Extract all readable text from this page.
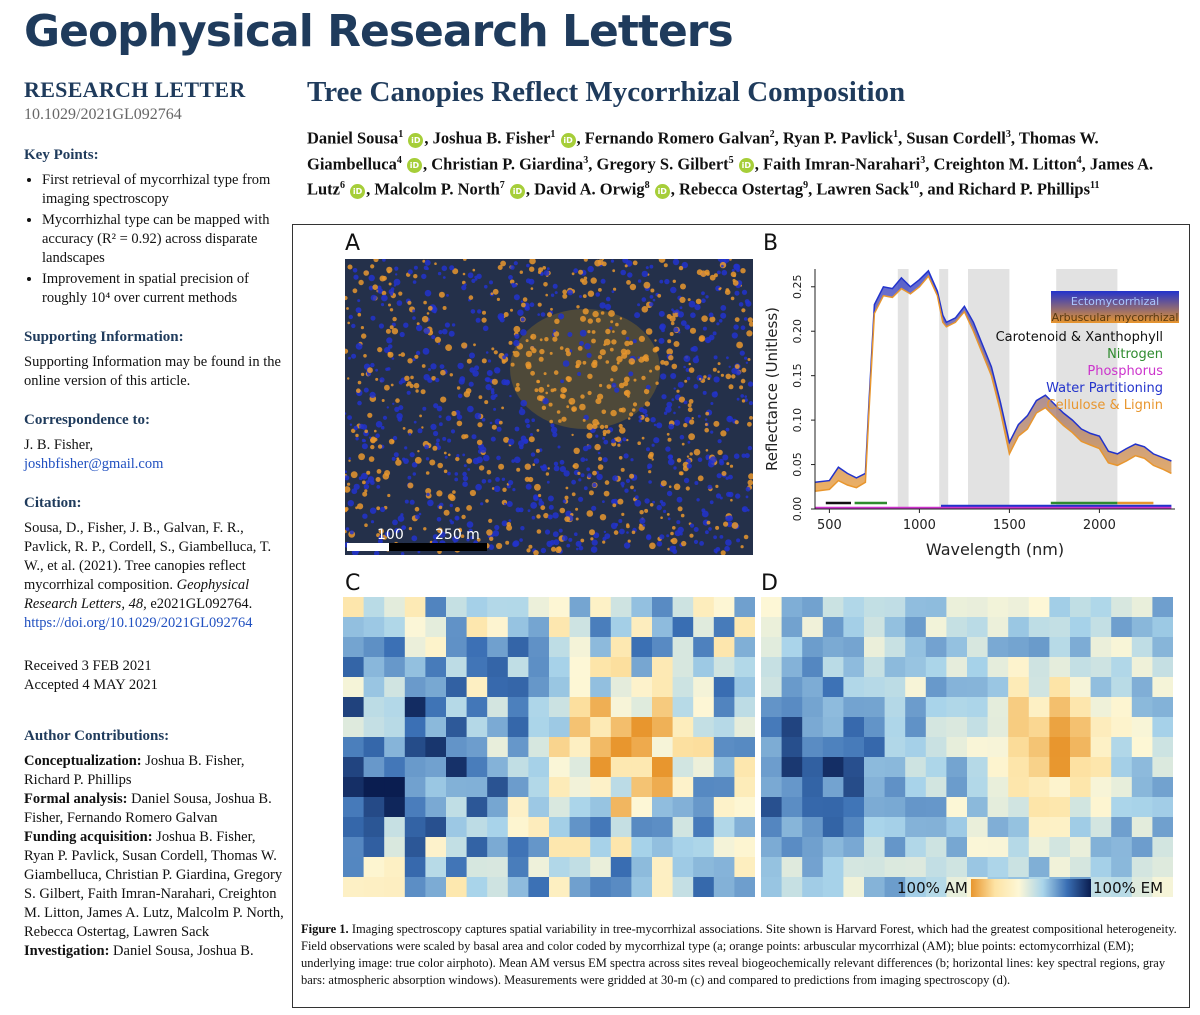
Geophysical Research Letters
RESEARCH LETTER
10.1029/2021GL092764
Key Points:
• First retrieval of mycorrhizal type from imaging spectroscopy
• Mycorrhizhal type can be mapped with accuracy (R² = 0.92) across disparate landscapes
• Improvement in spatial precision of roughly 10⁴ over current methods
Supporting Information:

Supporting Information may be found in the online version of this article.

Correspondence to:

J. B. Fisher,

joshbfisher@gmail.com

Citation:

Sousa, D., Fisher, J. B., Galvan, F. R., Pavlick, R. P., Cordell, S., Giambelluca, T. W., et al. (2021). Tree canopies reflect mycorrhizal composition. Geophysical Research Letters, 48, e2021GL092764.

https://doi.org/10.1029/2021GL092764

Received 3 FEB 2021

Accepted 4 MAY 2021

Author Contributions:

Conceptualization: Joshua B. Fisher, Richard P. Phillips

Formal analysis: Daniel Sousa, Joshua B. Fisher, Fernando Romero Galvan

Funding acquisition: Joshua B. Fisher, Ryan P. Pavlick, Susan Cordell, Thomas W. Giambelluca, Christian P. Giardina, Gregory S. Gilbert, Faith Imran-Narahari, Creighton M. Litton, James A. Lutz, Malcolm P. North, Rebecca Ostertag, Lawren Sack

Investigation: Daniel Sousa, Joshua B.

Tree Canopies Reflect Mycorrhizal Composition
Daniel Sousa$^1$ iD , Joshua B. Fisher$^1$ iD , Fernando Romero Galvan$^2$, Ryan P. Pavlick$^1$, Susan Cordell$^3$, Thomas W. Giambelluca$^4$ iD , Christian P. Giardina$^3$, Gregory S. Gilbert$^5$ iD , Faith Imran-Narahari$^3$, Creighton M. Litton$^4$, James A. Lutz$^6$ iD , Malcolm P. North$^7$ iD , David A. Orwig$^8$ iD , Rebecca Ostertag$^9$, Lawren Sack$^{10}$, and Richard P. Phillips$^{11}$
A	B
C	D
100 250 m
500	1000	1500	2000
0.00
0.05
0.10
0.15
0.20
0.25
Wavelength (nm)
Reflectance (Unitless)
Ectomycorrhizal
Arbuscular mycorrhizal
Carotenoid & Xanthophyll
Nitrogen
Phosphorus
Water Partitioning
Cellulose & Lignin
100% AM	100% EM
Figure 1. Imaging spectroscopy captures spatial variability in tree-mycorrhizal associations. Site shown is Harvard Forest, which had the greatest compositional heterogeneity. Field observations were scaled by basal area and color coded by mycorrhizal type (a; orange points: arbuscular mycorrhizal (AM); blue points: ectomycorrhizal (EM); underlying image: true color airphoto). Mean AM versus EM spectra across sites reveal biogeochemically relevant differences (b; horizontal lines: key spectral regions, gray bars: atmospheric absorption windows). Measurements were gridded at 30-m (c) and compared to predictions from imaging spectroscopy (d).
